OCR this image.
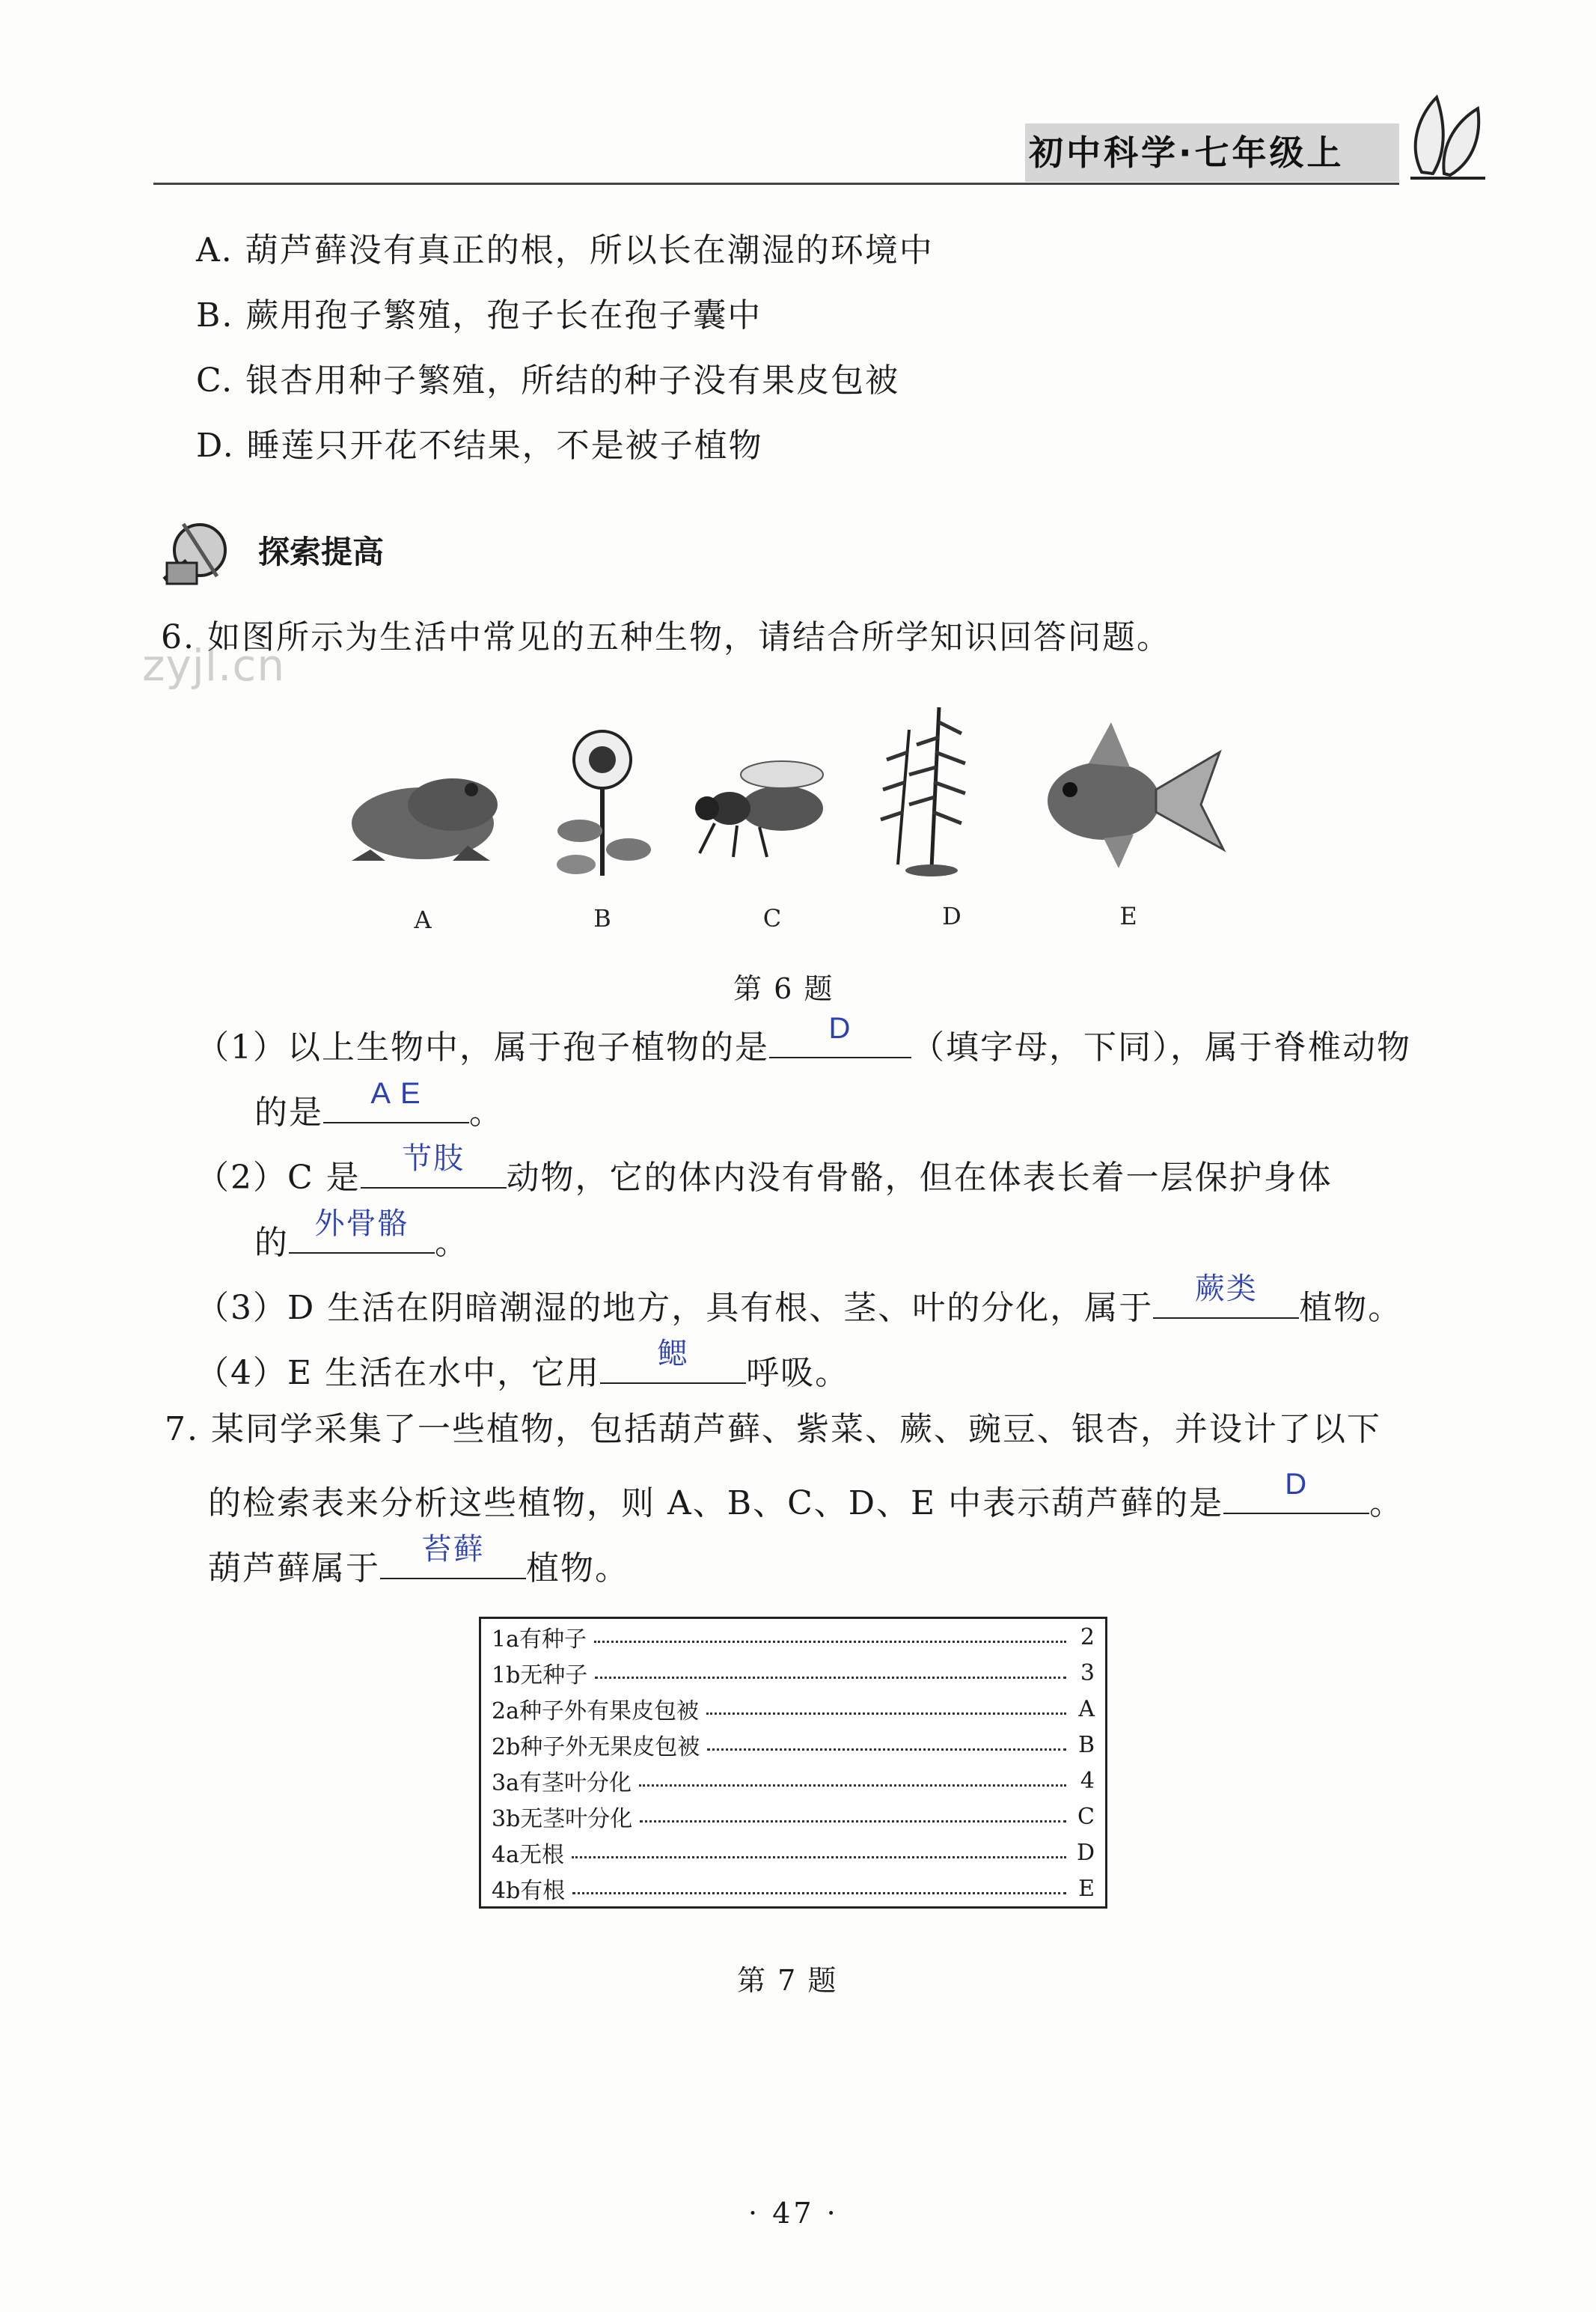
初中科学·七年级上
A. 葫芦藓没有真正的根，所以长在潮湿的环境中
B. 蕨用孢子繁殖，孢子长在孢子囊中
C. 银杏用种子繁殖，所结的种子没有果皮包被
D. 睡莲只开花不结果，不是被子植物
探索提高
zyjl.cn
6. 如图所示为生活中常见的五种生物，请结合所学知识回答问题。
A	B	C	D	E
第 6 题
（1）以上生物中，属于孢子植物的是	D	（填字母，下同），属于脊椎动物
的是	A E	。
（2）C 是	节肢	动物，它的体内没有骨骼，但在体表长着一层保护身体
的 外骨骼 。
（3）D 生活在阴暗潮湿的地方，具有根、茎、叶的分化，属于	蕨类	植物。
（4）E 生活在水中，它用	鳃	呼吸。
7. 某同学采集了一些植物，包括葫芦藓、紫菜、蕨、豌豆、银杏，并设计了以下
的检索表来分析这些植物，则 A、B、C、D、E 中表示葫芦藓的是	D	。
葫芦藓属于	苔藓	植物。
1a有种子	2

1b无种子	3

2a种子外有果皮包被	A

2b种子外无果皮包被	B

3a有茎叶分化	4

3b无茎叶分化	C

4a无根	D

4b有根	E
第 7 题
· 47 ·
